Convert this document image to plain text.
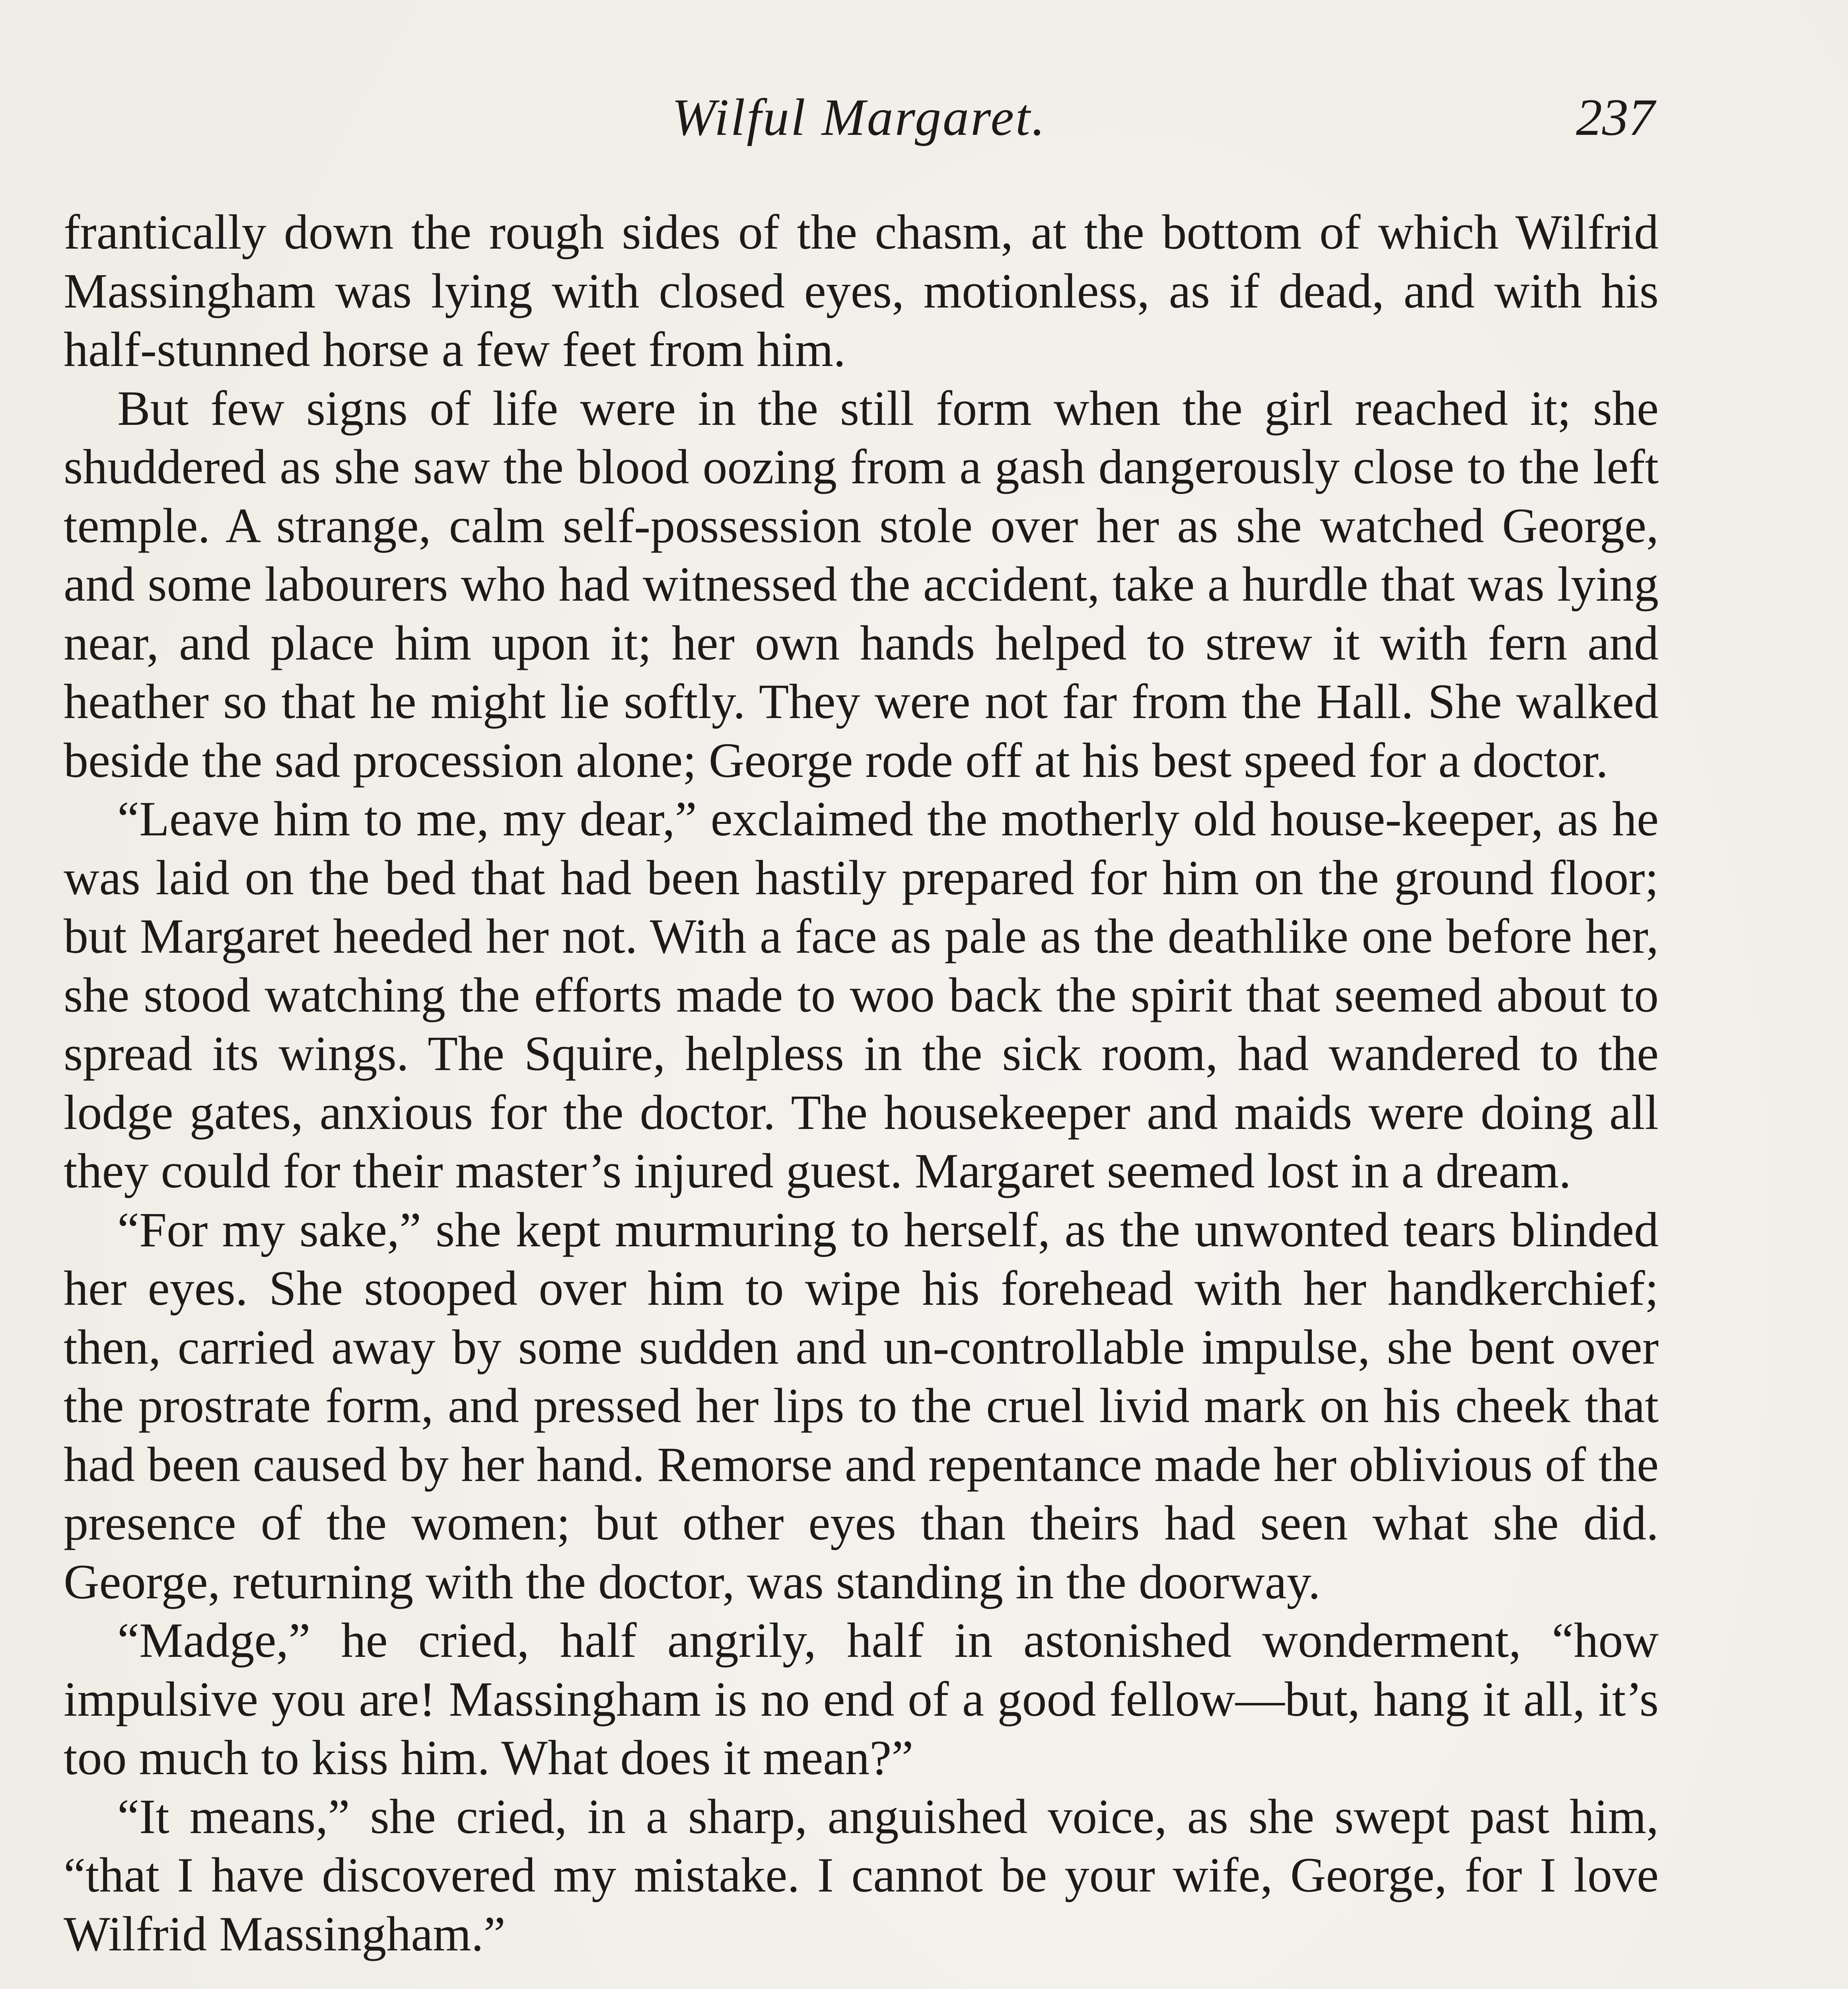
Wilful Margaret.	237

frantically down the rough sides of the chasm, at the bottom of which Wilfrid Massingham was lying with closed eyes, motionless, as if dead, and with his half-stunned horse a few feet from him.

But few signs of life were in the still form when the girl reached it; she shuddered as she saw the blood oozing from a gash dangerously close to the left temple. A strange, calm self-possession stole over her as she watched George, and some labourers who had witnessed the accident, take a hurdle that was lying near, and place him upon it; her own hands helped to strew it with fern and heather so that he might lie softly. They were not far from the Hall. She walked beside the sad procession alone; George rode off at his best speed for a doctor.

“Leave him to me, my dear,” exclaimed the motherly old house-keeper, as he was laid on the bed that had been hastily prepared for him on the ground floor; but Margaret heeded her not. With a face as pale as the deathlike one before her, she stood watching the efforts made to woo back the spirit that seemed about to spread its wings. The Squire, helpless in the sick room, had wandered to the lodge gates, anxious for the doctor. The housekeeper and maids were doing all they could for their master’s injured guest. Margaret seemed lost in a dream.

“For my sake,” she kept murmuring to herself, as the unwonted tears blinded her eyes. She stooped over him to wipe his forehead with her handkerchief; then, carried away by some sudden and un-controllable impulse, she bent over the prostrate form, and pressed her lips to the cruel livid mark on his cheek that had been caused by her hand. Remorse and repentance made her oblivious of the presence of the women; but other eyes than theirs had seen what she did. George, returning with the doctor, was standing in the doorway.

“Madge,” he cried, half angrily, half in astonished wonderment, “how impulsive you are! Massingham is no end of a good fellow—but, hang it all, it’s too much to kiss him. What does it mean?”

“It means,” she cried, in a sharp, anguished voice, as she swept past him, “that I have discovered my mistake. I cannot be your wife, George, for I love Wilfrid Massingham.”
